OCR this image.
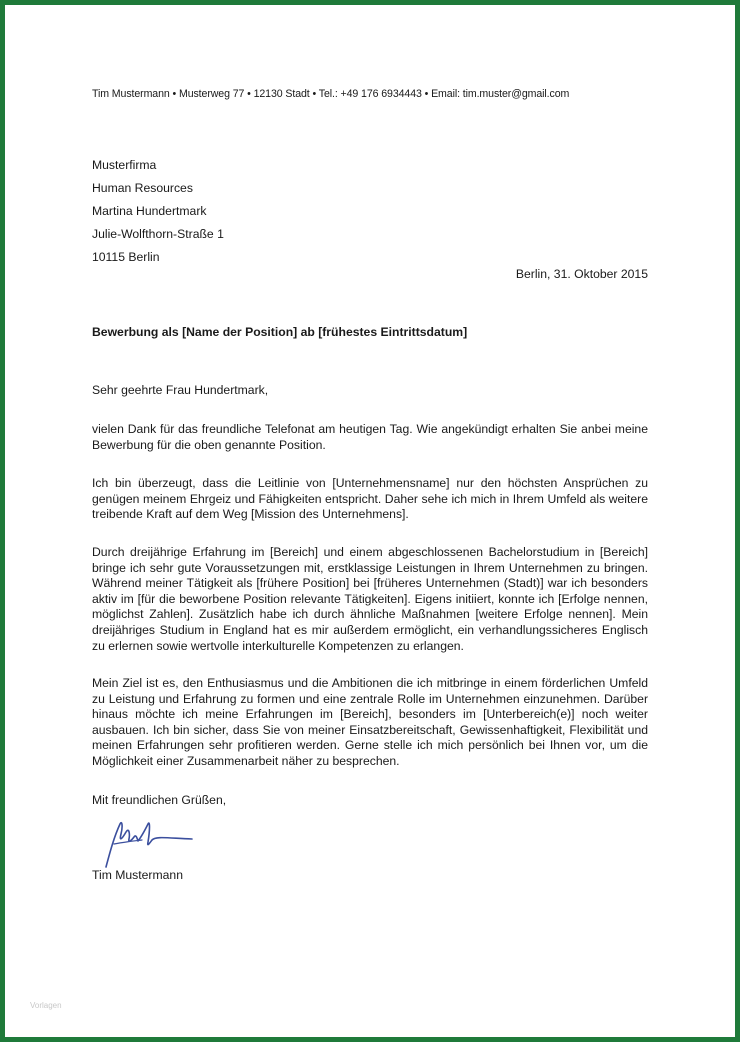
Tim Mustermann • Musterweg 77 • 12130 Stadt • Tel.: +49 176 6934443 • Email: tim.muster@gmail.com
Musterfirma
Human Resources
Martina Hundertmark
Julie-Wolfthorn-Straße 1
10115 Berlin
Berlin, 31. Oktober 2015
Bewerbung als [Name der Position] ab [frühestes Eintrittsdatum]
Sehr geehrte Frau Hundertmark,

vielen Dank für das freundliche Telefonat am heutigen Tag. Wie angekündigt erhalten Sie anbei meine Bewerbung für die oben genannte Position.

Ich bin überzeugt, dass die Leitlinie von [Unternehmensname] nur den höchsten Ansprüchen zu genügen meinem Ehrgeiz und Fähigkeiten entspricht. Daher sehe ich mich in Ihrem Umfeld als weitere treibende Kraft auf dem Weg [Mission des Unternehmens].

Durch dreijährige Erfahrung im [Bereich] und einem abgeschlossenen Bachelorstudium in [Bereich] bringe ich sehr gute Voraussetzungen mit, erstklassige Leistungen in Ihrem Unternehmen zu bringen. Während meiner Tätigkeit als [frühere Position] bei [früheres Unternehmen (Stadt)] war ich besonders aktiv im [für die beworbene Position relevante Tätigkeiten]. Eigens initiiert, konnte ich [Erfolge nennen, möglichst Zahlen]. Zusätzlich habe ich durch ähnliche Maßnahmen [weitere Erfolge nennen]. Mein dreijähriges Studium in England hat es mir außerdem ermöglicht, ein verhandlungssicheres Englisch zu erlernen sowie wertvolle interkulturelle Kompetenzen zu erlangen.

Mein Ziel ist es, den Enthusiasmus und die Ambitionen die ich mitbringe in einem förderlichen Umfeld zu Leistung und Erfahrung zu formen und eine zentrale Rolle im Unternehmen einzunehmen. Darüber hinaus möchte ich meine Erfahrungen im [Bereich], besonders im [Unterbereich(e)] noch weiter ausbauen. Ich bin sicher, dass Sie von meiner Einsatzbereitschaft, Gewissenhaftigkeit, Flexibilität und meinen Erfahrungen sehr profitieren werden. Gerne stelle ich mich persönlich bei Ihnen vor, um die Möglichkeit einer Zusammenarbeit näher zu besprechen.

Mit freundlichen Grüßen,
Tim Mustermann
Vorlagen
